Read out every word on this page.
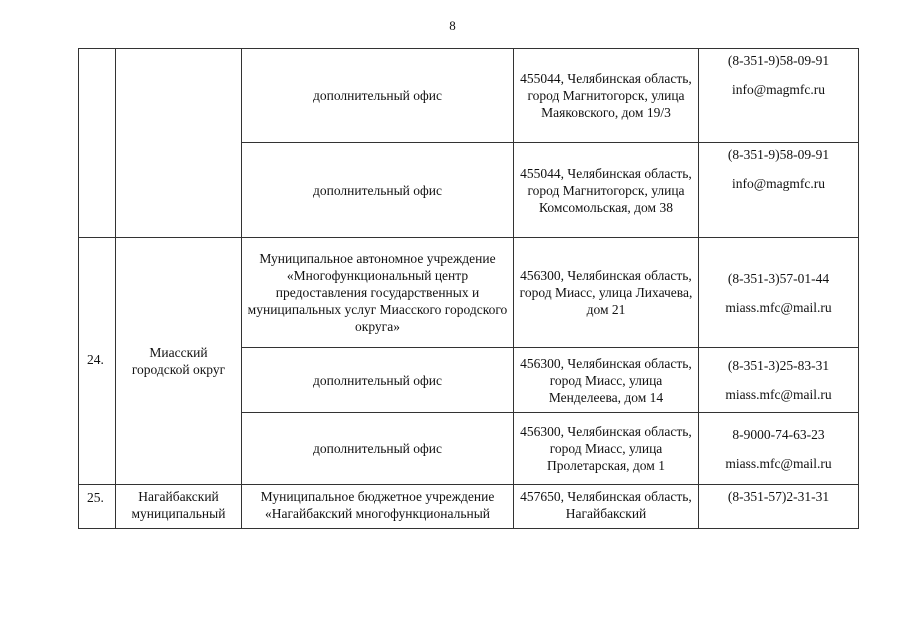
8
		дополнительный офис	455044, Челябинская область, город Магнитогорск, улица Маяковского, дом 19/3	(8-351-9)58-09-91
info@magmfc.ru

		дополнительный офис	455044, Челябинская область, город Магнитогорск, улица Комсомольская, дом 38	(8-351-9)58-09-91
info@magmfc.ru

24.	Миасский городской округ	Муниципальное автономное учреждение «Многофункциональный центр предоставления государственных и муниципальных услуг Миасского городского округа»	456300, Челябинская область, город Миасс, улица Лихачева, дом 21	(8-351-3)57-01-44
miass.mfc@mail.ru

		дополнительный офис	456300, Челябинская область, город Миасс, улица Менделеева, дом 14	(8-351-3)25-83-31
miass.mfc@mail.ru

		дополнительный офис	456300, Челябинская область, город Миасс, улица Пролетарская, дом 1	8-9000-74-63-23
miass.mfc@mail.ru

25.	Нагайбакский муниципальный	Муниципальное бюджетное учреждение «Нагайбакский многофункциональный	457650, Челябинская область, Нагайбакский	(8-351-57)2-31-31
